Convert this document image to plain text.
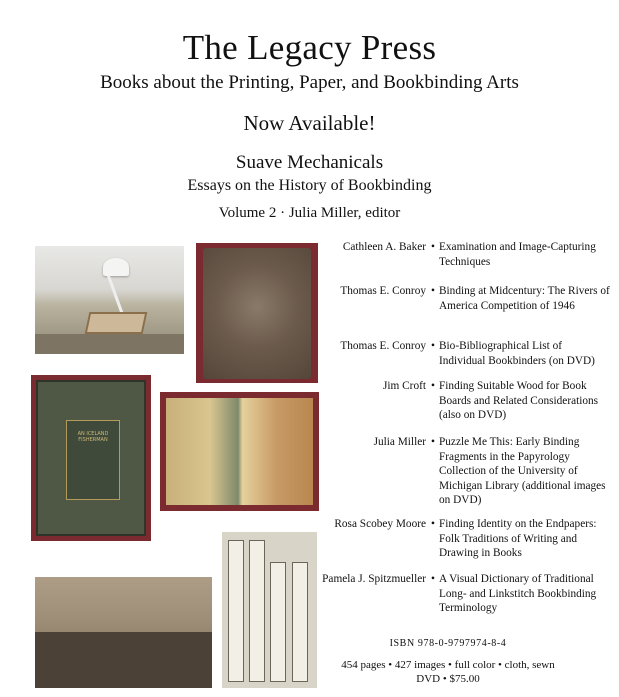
The Legacy Press
Books about the Printing, Paper, and Bookbinding Arts
Now Available!
Suave Mechanicals
Essays on the History of Bookbinding
Volume 2 · Julia Miller, editor
AN ICELAND FISHERMAN
Cathleen A. Baker • Examination and Image-Capturing Techniques
Thomas E. Conroy • Binding at Midcentury: The Rivers of America Competition of 1946
Thomas E. Conroy • Bio-Bibliographical List of Individual Bookbinders (on DVD)
Jim Croft • Finding Suitable Wood for Book Boards and Related Considerations (also on DVD)
Julia Miller • Puzzle Me This: Early Binding Fragments in the Papyrology Collection of the University of Michigan Library (additional images on DVD)
Rosa Scobey Moore • Finding Identity on the Endpapers: Folk Traditions of Writing and Drawing in Books
Pamela J. Spitzmueller • A Visual Dictionary of Traditional Long- and Linkstitch Bookbinding Terminology
ISBN 978-0-9797974-8-4
454 pages • 427 images • full color • cloth, sewn
DVD • $75.00
